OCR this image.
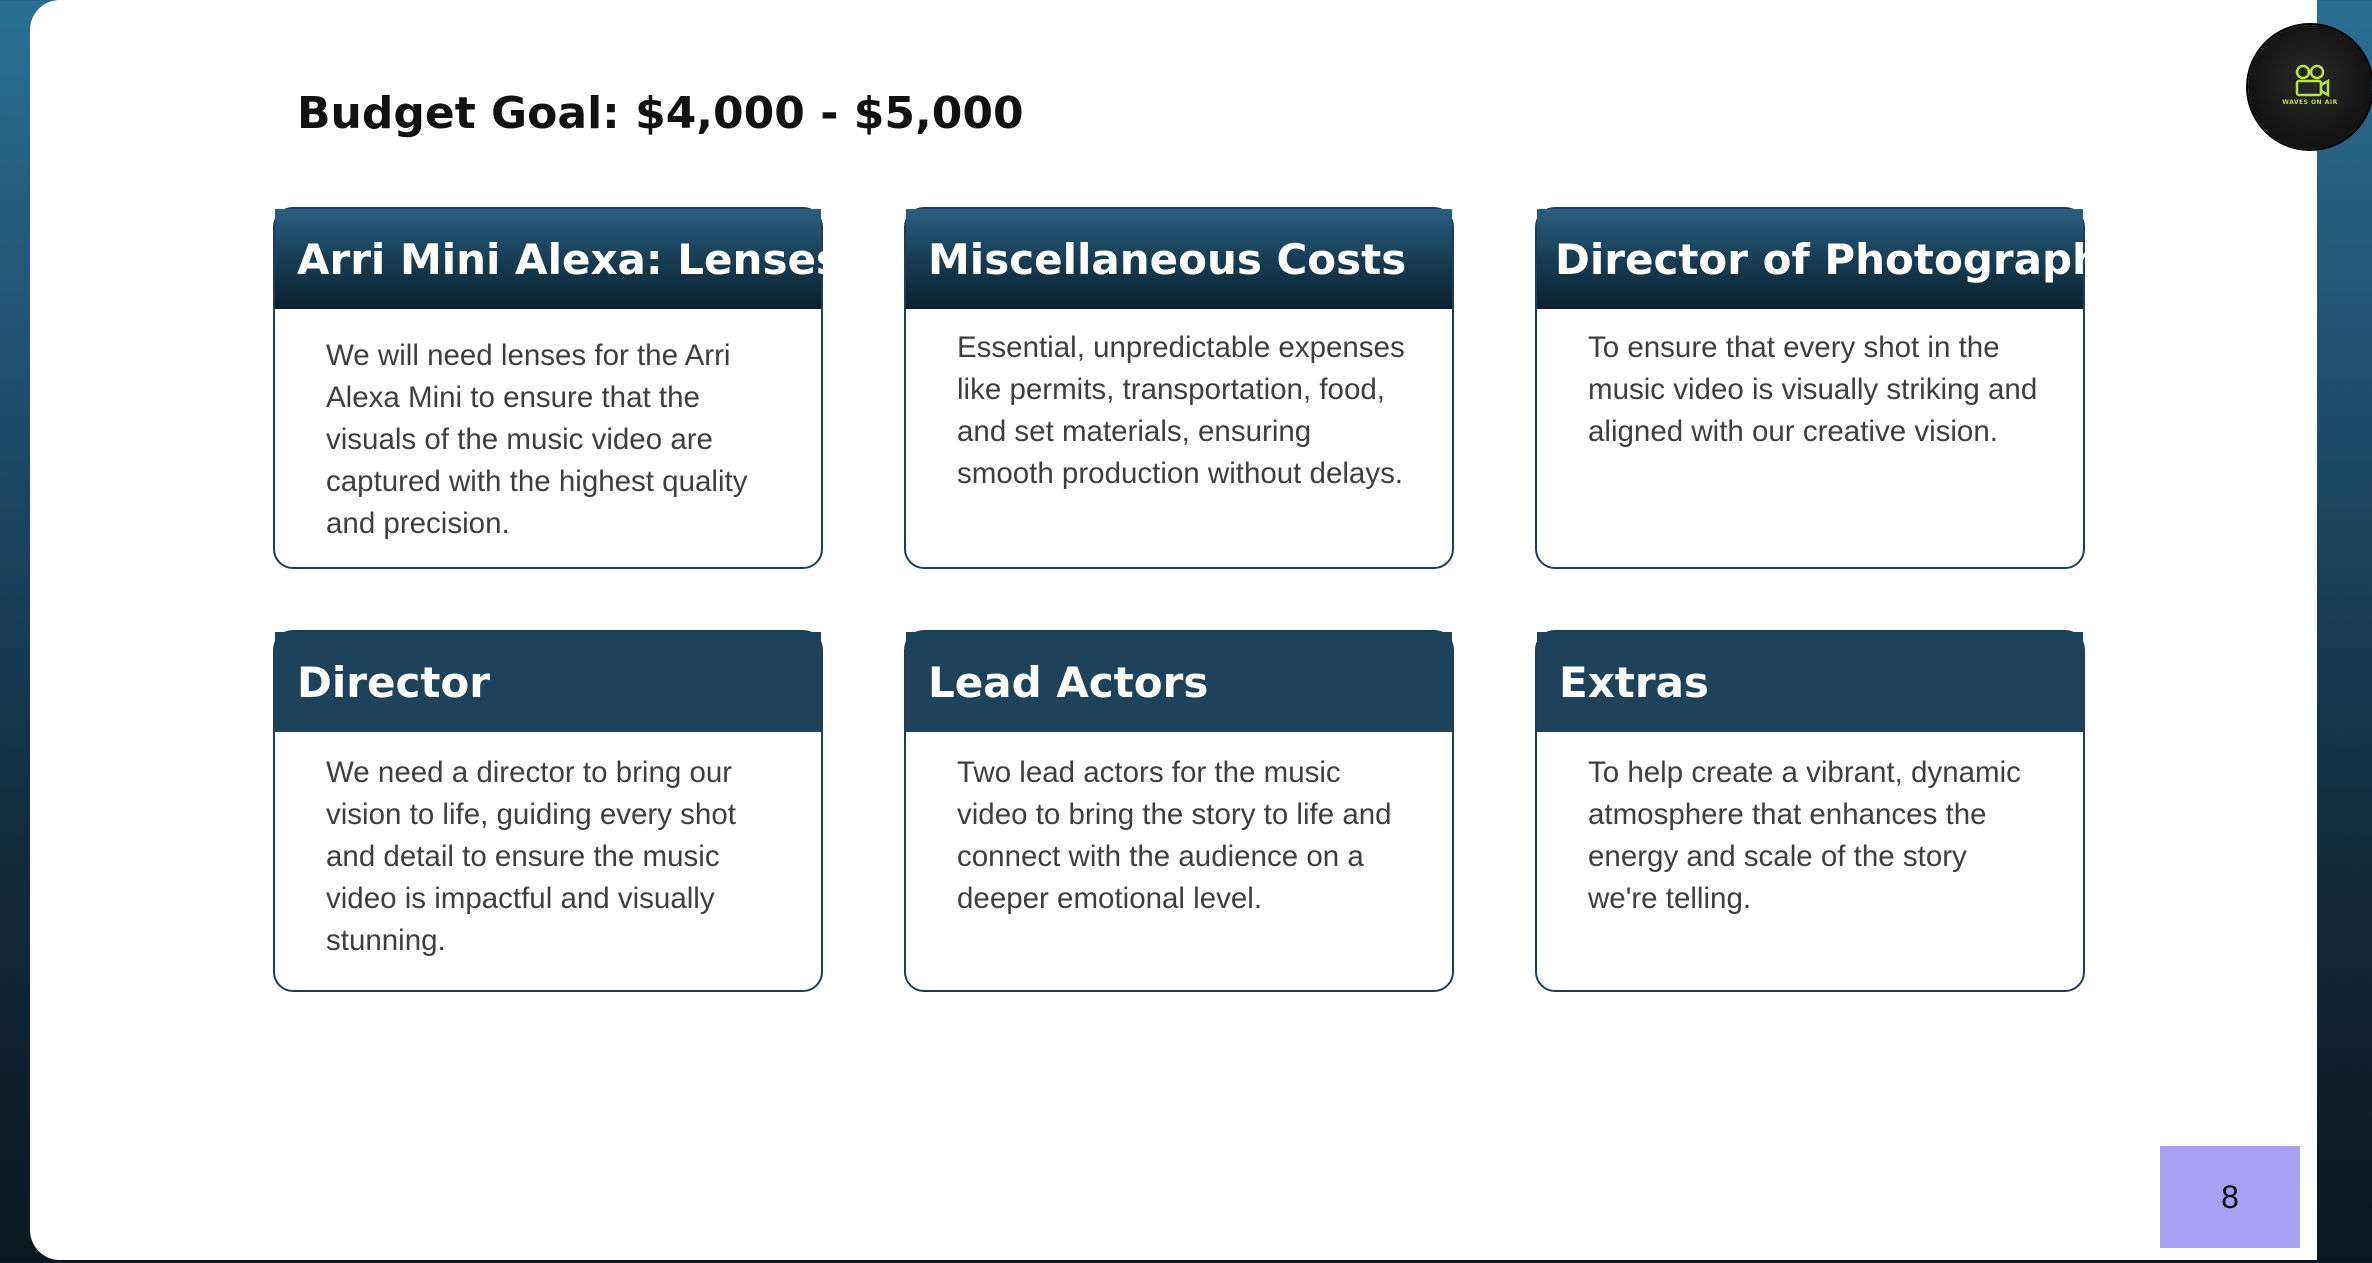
WAVES ON AIR
Budget Goal: $4,000 - $5,000
Arri Mini Alexa: Lenses
We will need lenses for the Arri Alexa Mini to ensure that the visuals of the music video are captured with the highest quality and precision.
Miscellaneous Costs
Essential, unpredictable expenses like permits, transportation, food, and set materials, ensuring smooth production without delays.
Director of Photography
To ensure that every shot in the music video is visually striking and aligned with our creative vision.
Director
We need a director to bring our vision to life, guiding every shot and detail to ensure the music video is impactful and visually stunning.
Lead Actors
Two lead actors for the music video to bring the story to life and connect with the audience on a deeper emotional level.
Extras
To help create a vibrant, dynamic atmosphere that enhances the energy and scale of the story we're telling.
8
